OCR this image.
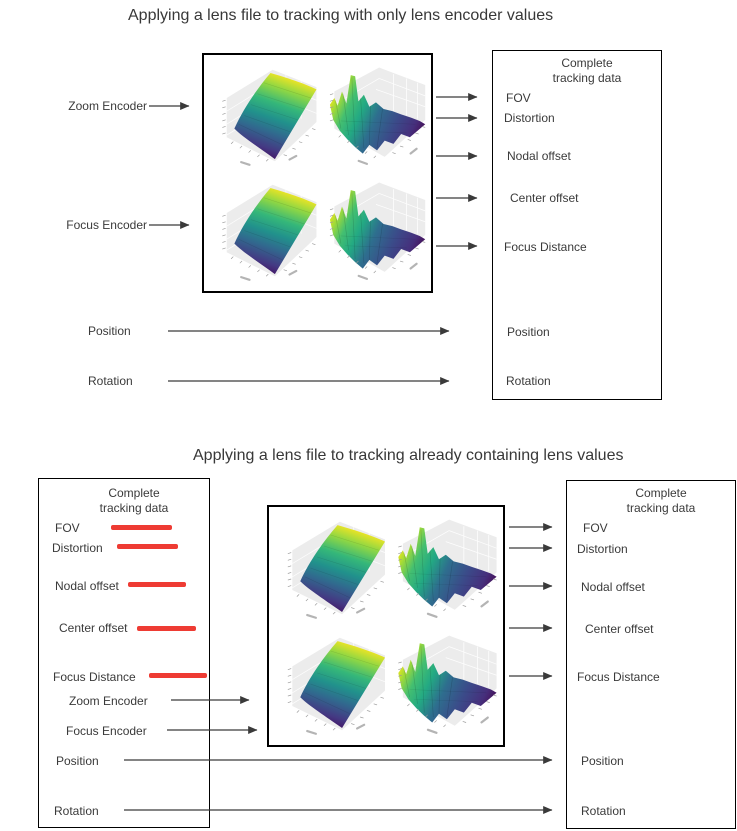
Applying a lens file to tracking with only lens encoder values
Zoom Encoder
Focus Encoder
Position
Rotation
Complete
tracking data
FOV
Distortion
Nodal offset
Center offset
Focus Distance
Position
Rotation
Applying a lens file to tracking already containing lens values
Complete
tracking data
FOV
Distortion
Nodal offset
Center offset
Focus Distance
Zoom Encoder
Focus Encoder
Position
Rotation
Complete
tracking data
FOV
Distortion
Nodal offset
Center offset
Focus Distance
Position
Rotation
